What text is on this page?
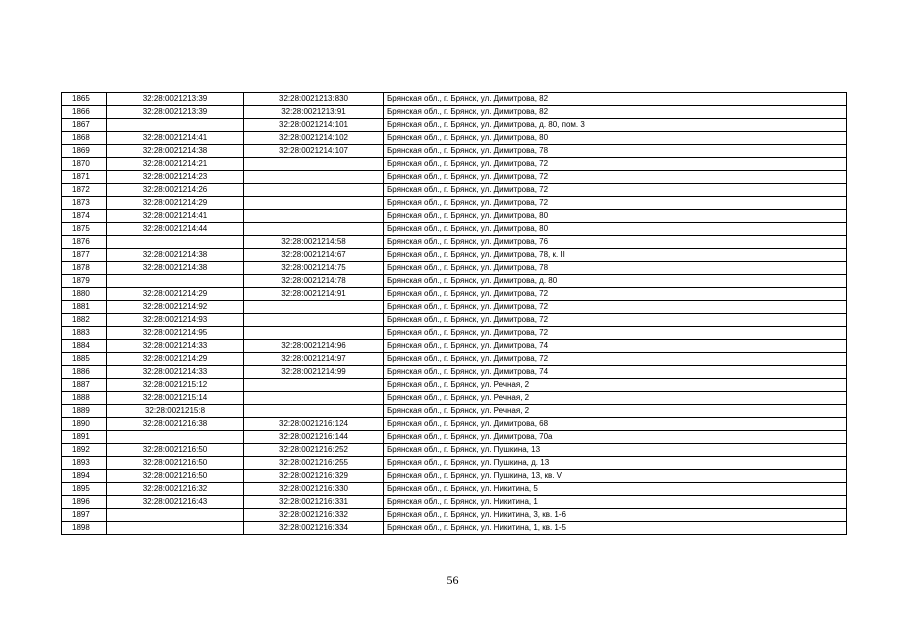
1865	32:28:0021213:39	32:28:0021213:830	Брянская обл., г. Брянск, ул. Димитрова, 82
1866	32:28:0021213:39	32:28:0021213:91	Брянская обл., г. Брянск, ул. Димитрова, 82
1867		32:28:0021214:101	Брянская обл., г. Брянск, ул. Димитрова, д. 80, пом. 3
1868	32:28:0021214:41	32:28:0021214:102	Брянская обл., г. Брянск, ул. Димитрова, 80
1869	32:28:0021214:38	32:28:0021214:107	Брянская обл., г. Брянск, ул. Димитрова, 78
1870	32:28:0021214:21		Брянская обл., г. Брянск, ул. Димитрова, 72
1871	32:28:0021214:23		Брянская обл., г. Брянск, ул. Димитрова, 72
1872	32:28:0021214:26		Брянская обл., г. Брянск, ул. Димитрова, 72
1873	32:28:0021214:29		Брянская обл., г. Брянск, ул. Димитрова, 72
1874	32:28:0021214:41		Брянская обл., г. Брянск, ул. Димитрова, 80
1875	32:28:0021214:44		Брянская обл., г. Брянск, ул. Димитрова, 80
1876		32:28:0021214:58	Брянская обл., г. Брянск, ул. Димитрова, 76
1877	32:28:0021214:38	32:28:0021214:67	Брянская обл., г. Брянск, ул. Димитрова, 78, к. II
1878	32:28:0021214:38	32:28:0021214:75	Брянская обл., г. Брянск, ул. Димитрова, 78
1879		32:28:0021214:78	Брянская обл., г. Брянск, ул. Димитрова, д. 80
1880	32:28:0021214:29	32:28:0021214:91	Брянская обл., г. Брянск, ул. Димитрова, 72
1881	32:28:0021214:92		Брянская обл., г. Брянск, ул. Димитрова, 72
1882	32:28:0021214:93		Брянская обл., г. Брянск, ул. Димитрова, 72
1883	32:28:0021214:95		Брянская обл., г. Брянск, ул. Димитрова, 72
1884	32:28:0021214:33	32:28:0021214:96	Брянская обл., г. Брянск, ул. Димитрова, 74
1885	32:28:0021214:29	32:28:0021214:97	Брянская обл., г. Брянск, ул. Димитрова, 72
1886	32:28:0021214:33	32:28:0021214:99	Брянская обл., г. Брянск, ул. Димитрова, 74
1887	32:28:0021215:12		Брянская обл., г. Брянск, ул. Речная, 2
1888	32:28:0021215:14		Брянская обл., г. Брянск, ул. Речная, 2
1889	32:28:0021215:8		Брянская обл., г. Брянск, ул. Речная, 2
1890	32:28:0021216:38	32:28:0021216:124	Брянская обл., г. Брянск, ул. Димитрова, 68
1891		32:28:0021216:144	Брянская обл., г. Брянск, ул. Димитрова, 70а
1892	32:28:0021216:50	32:28:0021216:252	Брянская обл., г. Брянск, ул. Пушкина, 13
1893	32:28:0021216:50	32:28:0021216:255	Брянская обл., г. Брянск, ул. Пушкина, д. 13
1894	32:28:0021216:50	32:28:0021216:329	Брянская обл., г. Брянск, ул. Пушкина, 13, кв. V
1895	32:28:0021216:32	32:28:0021216:330	Брянская обл., г. Брянск, ул. Никитина, 5
1896	32:28:0021216:43	32:28:0021216:331	Брянская обл., г. Брянск, ул. Никитина, 1
1897		32:28:0021216:332	Брянская обл., г. Брянск, ул. Никитина, 3, кв. 1-6
1898		32:28:0021216:334	Брянская обл., г. Брянск, ул. Никитина, 1, кв. 1-5
56
